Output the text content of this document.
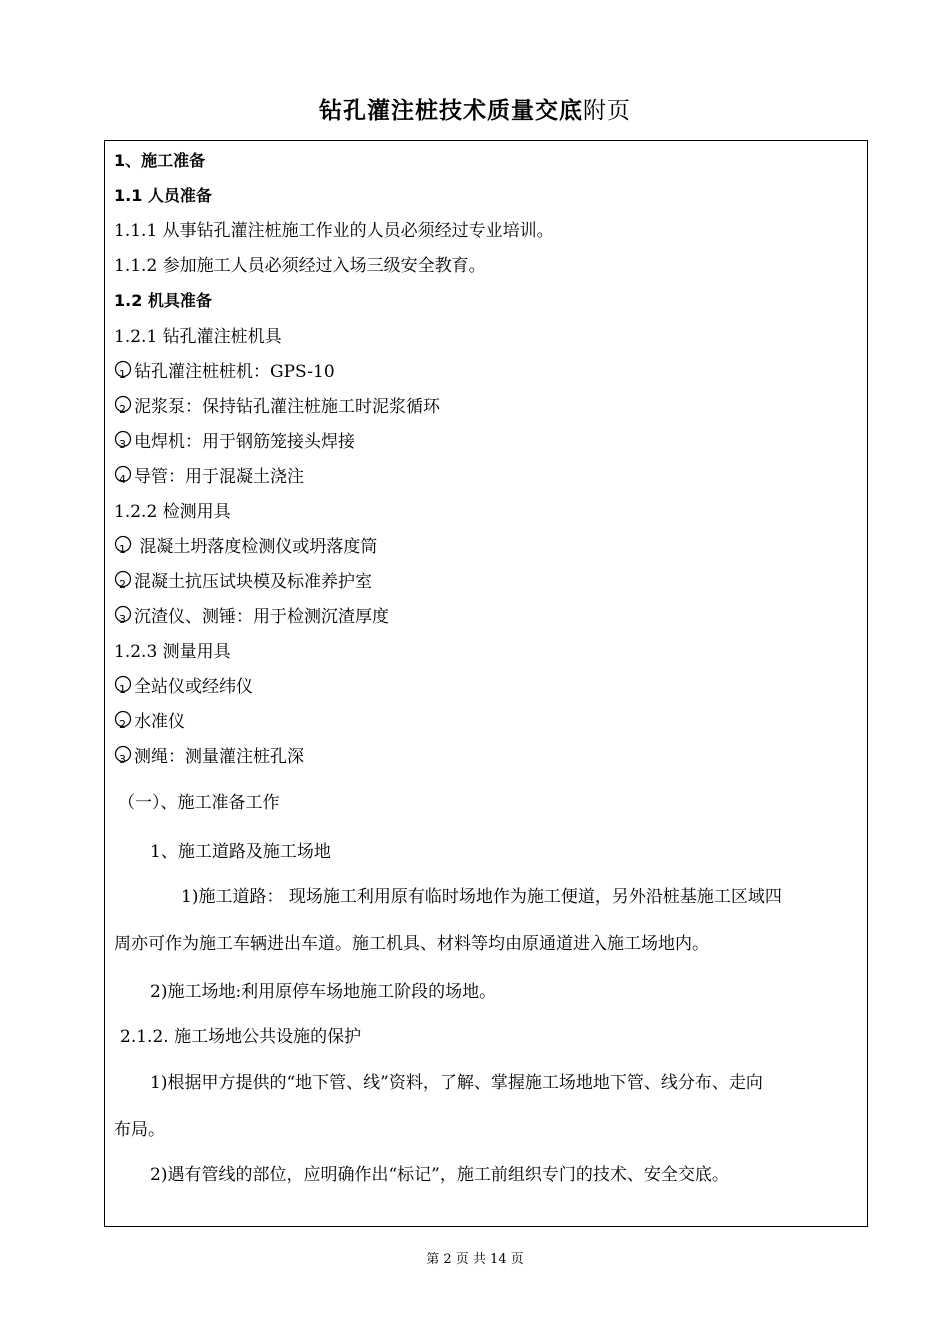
钻孔灌注桩技术质量交底附页
1、施工准备
1.1 人员准备
1.1.1 从事钻孔灌注桩施工作业的人员必须经过专业培训。
1.1.2 参加施工人员必须经过入场三级安全教育。
1.2 机具准备
1.2.1 钻孔灌注桩机具
1 钻孔灌注桩桩机：GPS-10
2 泥浆泵：保持钻孔灌注桩施工时泥浆循环
3 电焊机：用于钢筋笼接头焊接
4 导管：用于混凝土浇注
1.2.2 检测用具
1 混凝土坍落度检测仪或坍落度筒
2 混凝土抗压试块模及标准养护室
3 沉渣仪、测锤：用于检测沉渣厚度
1.2.3 测量用具
1 全站仪或经纬仪
2 水准仪
3 测绳：测量灌注桩孔深
（一）、施工准备工作
1、施工道路及施工场地
1)施工道路： 现场施工利用原有临时场地作为施工便道，另外沿桩基施工区域四
周亦可作为施工车辆进出车道。施工机具、材料等均由原通道进入施工场地内。
2)施工场地:利用原停车场地施工阶段的场地。
2.1.2. 施工场地公共设施的保护
1)根据甲方提供的“地下管、线”资料，了解、掌握施工场地地下管、线分布、走向
布局。
2)遇有管线的部位，应明确作出“标记”，施工前组织专门的技术、安全交底。
第 2 页 共 14 页
